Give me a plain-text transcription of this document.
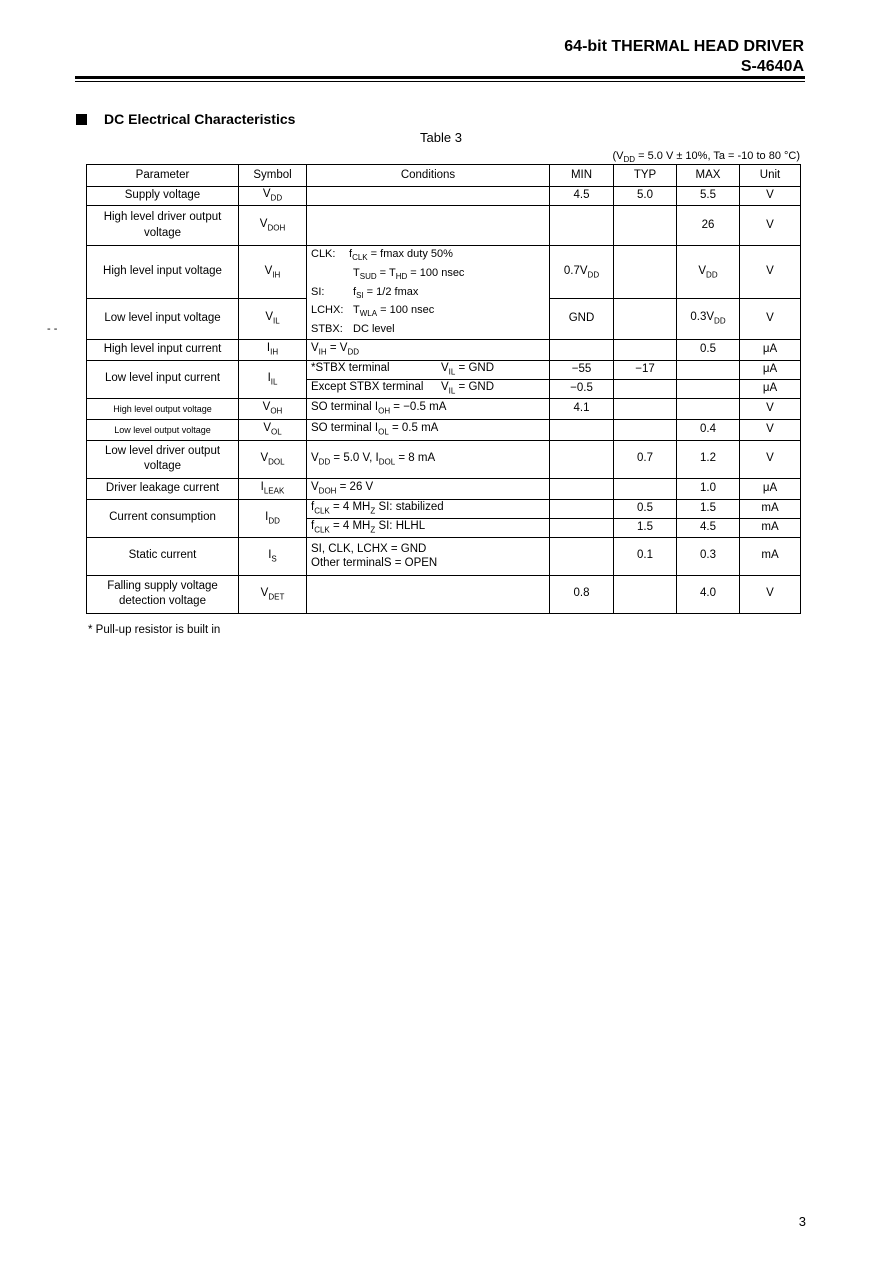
64-bit THERMAL HEAD DRIVER
S-4640A
DC Electrical Characteristics
Table 3
($V_{DD} = 5.0$ V ± 10%, Ta = -10 to 80 °C)
Parameter	Symbol	Conditions	MIN	TYP	MAX	Unit
Supply voltage	$V_{DD}$		4.5	5.0	5.5	V
High level driver output voltage	$V_{DOH}$				26	V
High level input voltage	$V_{IH}$	CLK: $f_{CLK} = fmax$ duty 50%
$T_{SUD} = T_{HD} = 100$ nsec
SI: $f_{SI} = 1/2$ fmax
LCHX: $T_{WLA} = 100$ nsec
STBX: DC level	$0.7V_{DD}$		$V_{DD}$	V
Low level input voltage	$V_{IL}$		GND		$0.3V_{DD}$	V
High level input current	$I_{IH}$	$V_{IH} = V_{DD}$			0.5	μA
Low level input current	$I_{IL}$	*STBX terminal $V_{IL}$ = GND	−55	−17		μA
		Except STBX terminal $V_{IL}$ = GND	−0.5			μA
High level output voltage	$V_{OH}$	SO terminal $I_{OH} = -0.5$ mA	4.1			V
Low level output voltage	$V_{OL}$	SO terminal $I_{OL} = 0.5$ mA			0.4	V
Low level driver output voltage	$V_{DOL}$	$V_{DD} = 5.0$ V, $I_{DOL} = 8$ mA		0.7	1.2	V
Driver leakage current	$I_{LEAK}$	$V_{DOH} = 26$ V			1.0	μA
Current consumption	$I_{DD}$	$f_{CLK} = 4$ $MH_Z$ SI: stabilized		0.5	1.5	mA
		$f_{CLK} = 4$ $MH_Z$ SI: HLHL		1.5	4.5	mA
Static current	$I_S$	SI, CLK, LCHX = GND
Other terminalS = OPEN		0.1	0.3	mA
Falling supply voltage detection voltage	$V_{DET}$		0.8		4.0	V
* Pull-up resistor is built in
3
- -
